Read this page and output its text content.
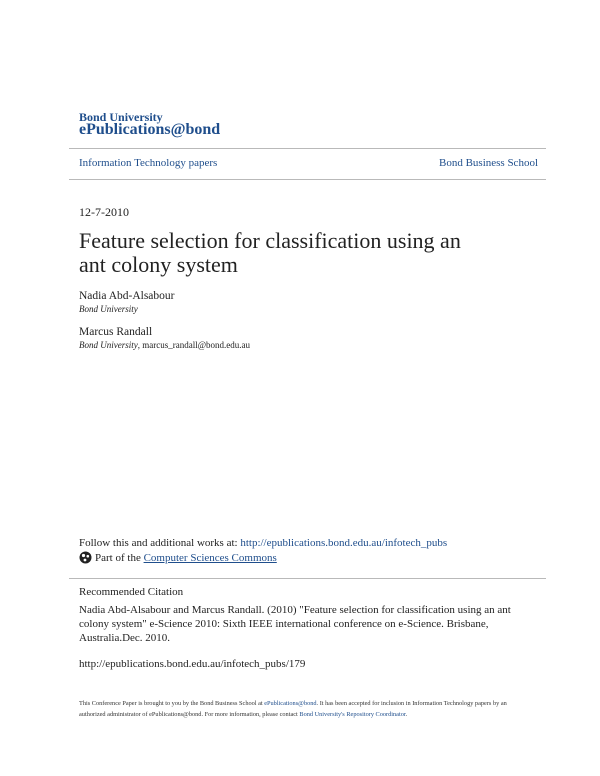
Bond University
ePublications@bond
Information Technology papers	Bond Business School
12-7-2010
Feature selection for classification using an ant colony system
Nadia Abd-Alsabour
Bond University
Marcus Randall
Bond University, marcus_randall@bond.edu.au
Follow this and additional works at: http://epublications.bond.edu.au/infotech_pubs
Part of the
Computer Sciences Commons
Recommended Citation
Nadia Abd-Alsabour and Marcus Randall. (2010) "Feature selection for classification using an ant colony system" e-Science 2010: Sixth IEEE international conference on e-Science. Brisbane, Australia.Dec. 2010.
http://epublications.bond.edu.au/infotech_pubs/179
This Conference Paper is brought to you by the Bond Business School at ePublications@bond. It has been accepted for inclusion in Information Technology papers by an authorized administrator of ePublications@bond. For more information, please contact Bond University's Repository Coordinator.
